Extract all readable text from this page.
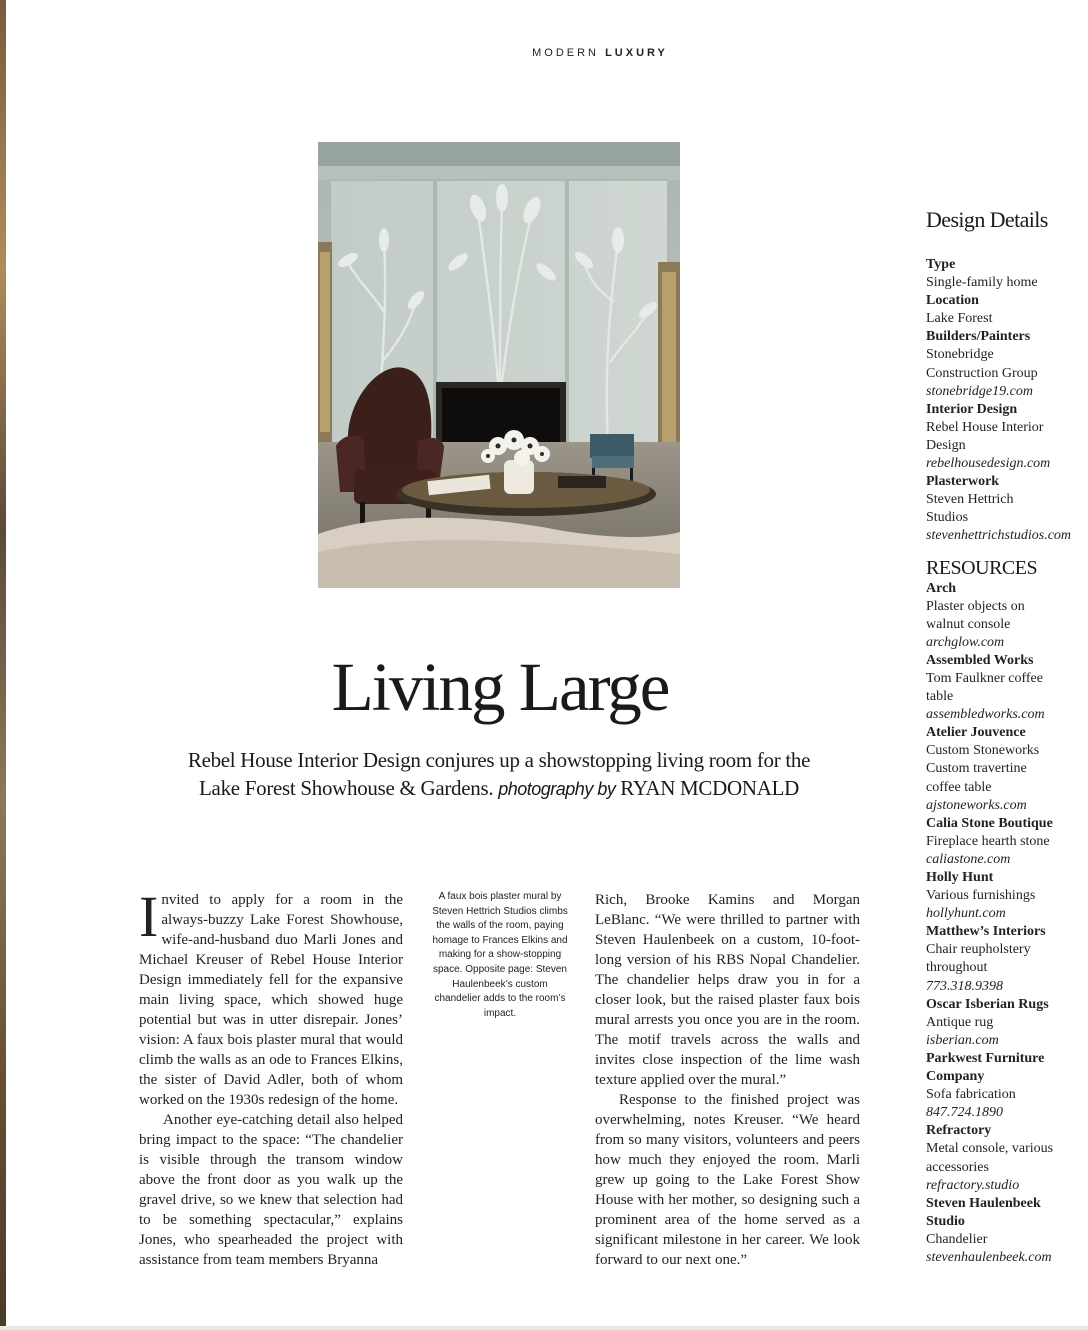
MODERN LUXURY
Living Large
Rebel House Interior Design conjures up a showstopping living room for the
Lake Forest Showhouse & Gardens. photography by RYAN MCDONALD

Invited to apply for a room in the always-buzzy Lake Forest Showhouse, wife-and-husband duo Marli Jones and Michael Kreuser of Rebel House Interior Design immediately fell for the expansive main living space, which showed huge potential but was in utter disrepair. Jones’ vision: A faux bois plaster mural that would climb the walls as an ode to Frances Elkins, the sister of David Adler, both of whom worked on the 1930s redesign of the home.

Another eye-catching detail also helped bring impact to the space: “The chandelier is visible through the transom window above the front door as you walk up the gravel drive, so we knew that selection had to be something spectacular,” explains Jones, who spearheaded the project with assistance from team members Bryanna

A faux bois plaster mural by Steven Hettrich Studios climbs the walls of the room, paying homage to Frances Elkins and making for a show-stopping space. Opposite page: Steven Haulenbeek’s custom chandelier adds to the room’s impact.

Rich, Brooke Kamins and Morgan LeBlanc. “We were thrilled to partner with Steven Haulenbeek on a custom, 10-foot-long version of his RBS Nopal Chandelier. The chandelier helps draw you in for a closer look, but the raised plaster faux bois mural arrests you once you are in the room. The motif travels across the walls and invites close inspection of the lime wash texture applied over the mural.”

Response to the finished project was overwhelming, notes Kreuser. “We heard from so many visitors, volunteers and peers how much they enjoyed the room. Marli grew up going to the Lake Forest Show House with her mother, so designing such a prominent area of the home served as a significant milestone in her career. We look forward to our next one.”

Design Details
Type
Single-family home
Location
Lake Forest
Builders/Painters
Stonebridge
Construction Group
stonebridge19.com
Interior Design
Rebel House Interior
Design
rebelhousedesign.com
Plasterwork
Steven Hettrich
Studios
stevenhettrichstudios.com
RESOURCES
Arch
Plaster objects on
walnut console
archglow.com
Assembled Works
Tom Faulkner coffee
table
assembledworks.com
Atelier Jouvence
Custom Stoneworks
Custom travertine
coffee table
ajstoneworks.com
Calia Stone Boutique
Fireplace hearth stone
caliastone.com
Holly Hunt
Various furnishings
hollyhunt.com
Matthew’s Interiors
Chair reupholstery
throughout
773.318.9398
Oscar Isberian Rugs
Antique rug
isberian.com
Parkwest Furniture Company
Sofa fabrication
847.724.1890
Refractory
Metal console, various
accessories
refractory.studio
Steven Haulenbeek Studio
Chandelier
stevenhaulenbeek.com
